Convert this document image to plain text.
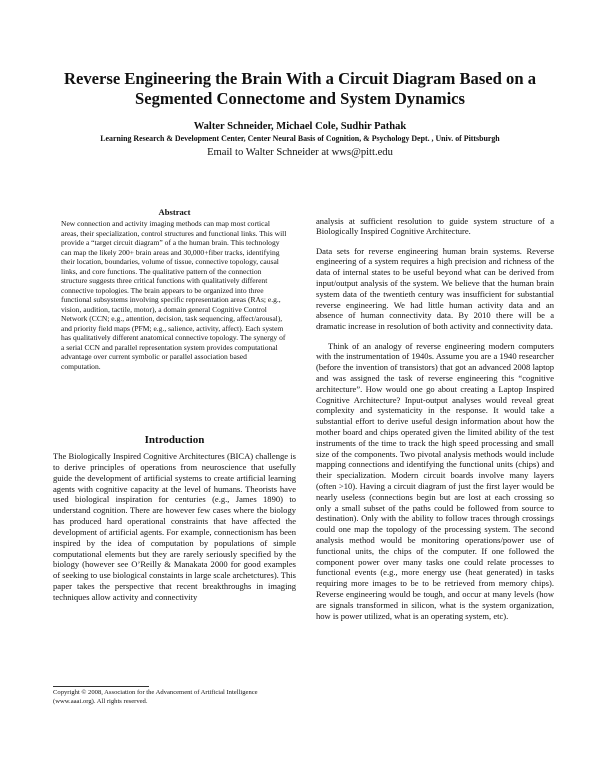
Reverse Engineering the Brain With a Circuit Diagram Based on a Segmented Connectome and System Dynamics
Walter Schneider, Michael Cole, Sudhir Pathak
Learning Research & Development Center, Center Neural Basis of Cognition, & Psychology Dept. , Univ. of Pittsburgh
Email to Walter Schneider at wws@pitt.edu
Abstract

New connection and activity imaging methods can map most cortical areas, their specialization, control structures and functional links. This will provide a “target circuit diagram” of a the human brain. This technology can map the likely 200+ brain areas and 30,000+fiber tracks, identifying their location, boundaries, volume of tissue, connective topology, causal links, and core functions. The qualitative pattern of the connection structure suggests three critical functions with qualitatively different connective topologies. The brain appears to be organized into three functional subsystems involving specific representation areas (RAs; e.g., vision, audition, tactile, motor), a domain general Cognitive Control Network (CCN; e.g., attention, decision, task sequencing, affect/arousal), and priority field maps (PFM; e.g., salience, activity, affect). Each system has qualitatively different anatomical connective topology. The synergy of a serial CCN and parallel representation system provides computational advantage over current symbolic or parallel association based computation.

Introduction

The Biologically Inspired Cognitive Architectures (BICA) challenge is to derive principles of operations from neuroscience that usefully guide the development of artificial systems to create artificial learning agents with cognitive capacity at the level of humans. Theorists have used biological inspiration for centuries (e.g., James 1890) to understand cognition. There are however few cases where the biology has produced hard operational constraints that have affected the development of artificial agents. For example, connectionism has been inspired by the idea of computation by populations of simple computational elements but they are rarely seriously specified by the biology (however see O’Reilly & Manakata 2000 for good examples of seeking to use biological constaints in large scale archetctures). This paper takes the perspective that recent breakthroughs in imaging techniques allow activity and connectivity

Copyright © 2008, Association for the Advancement of Artificial Intelligence (www.aaai.org). All rights reserved.

analysis at sufficient resolution to guide system structure of a Biologically Inspired Cognitive Architecture.

Data sets for reverse engineering human brain systems. Reverse engineering of a system requires a high precision and richness of the data of internal states to be useful beyond what can be derived from input/output analysis of the system. We believe that the human brain system data of the twentieth century was insufficient for substantial reverse engineering. We had little human activity data and an absence of human connectivity data. By 2010 there will be a dramatic increase in resolution of both activity and connectivity data.

Think of an analogy of reverse engineering modern computers with the instrumentation of 1940s. Assume you are a 1940 researcher (before the invention of transistors) that got an advanced 2008 laptop and was assigned the task of reverse engineering this “cognitive architecture”. How would one go about creating a Laptop Inspired Cognitive Architecture? Input-output analyses would reveal great complexity and systematicity in the response. It would take a substantial effort to derive useful design information about how the mother board and chips operated given the limited ability of the test instruments of the time to track the high speed processing and small size of the components. Two pivotal analysis methods would include mapping connections and identifying the functional units (chips) and their specialization. Modern circuit boards involve many layers (often >10). Having a circuit diagram of just the first layer would be nearly useless (connections begin but are lost at each crossing so only a small subset of the paths could be followed from source to destination). Only with the ability to follow traces through crossings could one map the topology of the processing system. The second analysis method would be monitoring operations/power use of functional units, the chips of the computer. If one followed the component power over many tasks one could relate processes to functional events (e.g., more energy use (heat generated) in tasks requiring more images to be to be retrieved from memory chips). Reverse engineering would be tough, and occur at many levels (how are signals transformed in silicon, what is the system organization, how is power utilized, what is an operating system, etc).
